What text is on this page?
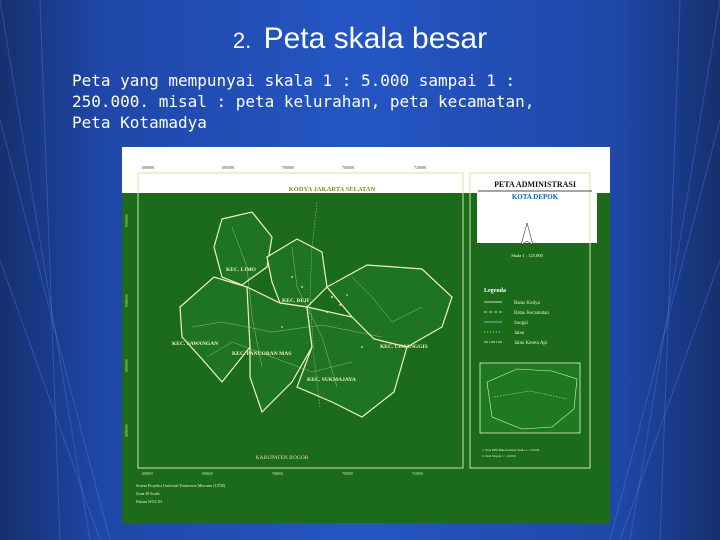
2. Peta skala besar
Peta yang mempunyai skala 1 : 5.000 sampai 1 :
250.000. misal : peta kelurahan, peta kecamatan,
Peta Kotamadya
690000	695000	700000	705000	710000
KODYA JAKARTA SELATAN
PETA ADMINISTRASI
KOTA DEPOK
U
Skala 1 : 125.000
Legenda
Batas Kodya
Batas Kecamatan
Sungai
Jalan
Jalan Kereta Api
1. Peta RBI Bakosurtanal Skala 1 : 25.000
2. Peta Depok 1 : 10.000
KEC. LIMO
KEC. BEJI
KEC. SAWANGAN
KEC. PANCORAN MAS
KEC. CIMANGGIS
KEC. SUKMAJAYA
KABUPATEN BOGOR
9305000
9300000
9295000
9290000
690000	695000	700000	705000	710000
Sistem Proyeksi Universal Transverse Mercator (UTM)
Zona 48 South
Datum WGS 84
